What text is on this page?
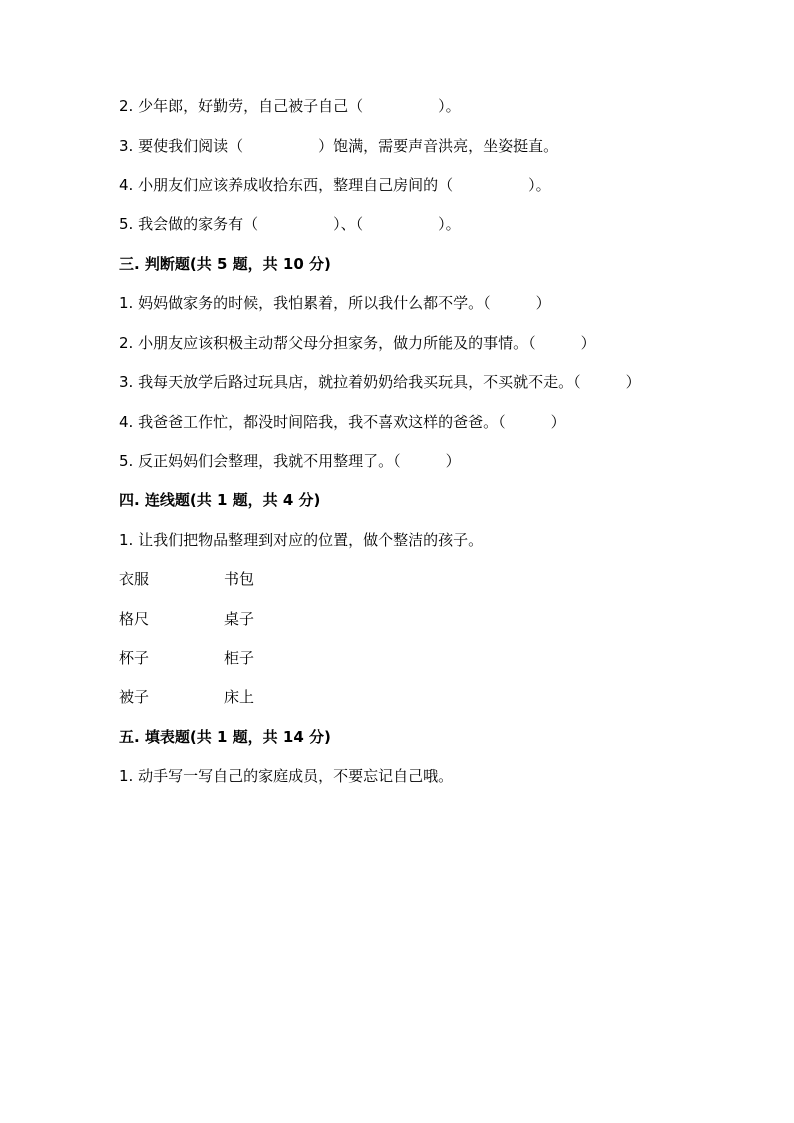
2. 少年郎，好勤劳，自己被子自己（　　　　　）。
3. 要使我们阅读（　　　　　）饱满，需要声音洪亮，坐姿挺直。
4. 小朋友们应该养成收拾东西，整理自己房间的（　　　　　）。
5. 我会做的家务有（　　　　　）、（　　　　　）。
三. 判断题(共 5 题，共 10 分)
1. 妈妈做家务的时候，我怕累着，所以我什么都不学。（　　　）
2. 小朋友应该积极主动帮父母分担家务，做力所能及的事情。（　　　）
3. 我每天放学后路过玩具店，就拉着奶奶给我买玩具，不买就不走。（　　　）
4. 我爸爸工作忙，都没时间陪我，我不喜欢这样的爸爸。（　　　）
5. 反正妈妈们会整理，我就不用整理了。（　　　）
四. 连线题(共 1 题，共 4 分)
1. 让我们把物品整理到对应的位置，做个整洁的孩子。
衣服	书包
格尺	桌子
杯子	柜子
被子	床上
五. 填表题(共 1 题，共 14 分)
1. 动手写一写自己的家庭成员，不要忘记自己哦。
